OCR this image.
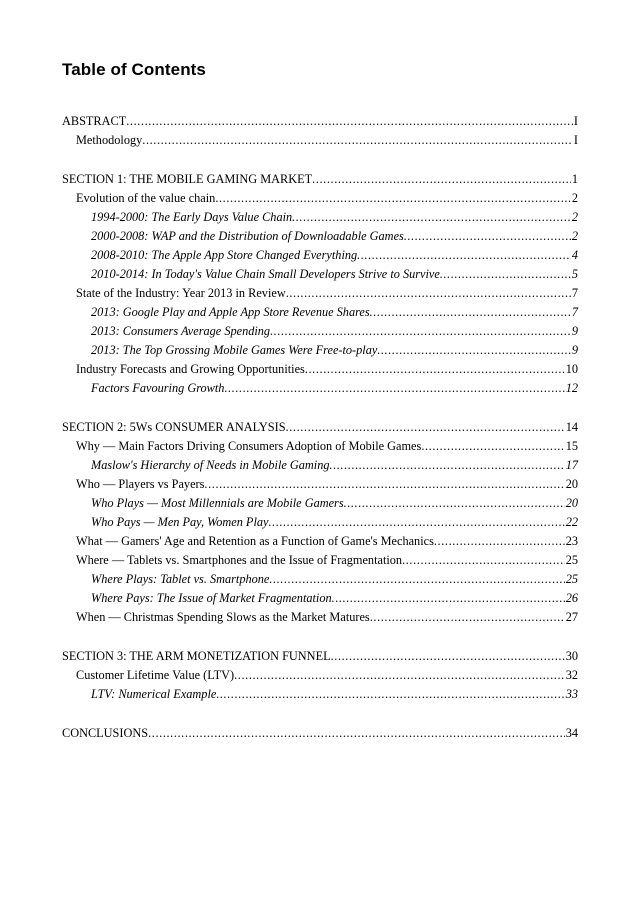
Table of Contents
ABSTRACT .....	I
Methodology .....	I
SECTION 1: THE MOBILE GAMING MARKET .....	1
Evolution of the value chain .....	2
1994-2000: The Early Days Value Chain .....	2
2000-2008: WAP and the Distribution of Downloadable Games .....	2
2008-2010: The Apple App Store Changed Everything .....	4
2010-2014: In Today's Value Chain Small Developers Strive to Survive .....	5
State of the Industry: Year 2013 in Review .....	7
2013: Google Play and Apple App Store Revenue Shares .....	7
2013: Consumers Average Spending .....	9
2013: The Top Grossing Mobile Games Were Free-to-play .....	9
Industry Forecasts and Growing Opportunities .....	10
Factors Favouring Growth .....	12
SECTION 2: 5Ws CONSUMER ANALYSIS .....	14
Why — Main Factors Driving Consumers Adoption of Mobile Games .....	15
Maslow's Hierarchy of Needs in Mobile Gaming .....	17
Who — Players vs Payers .....	20
Who Plays — Most Millennials are Mobile Gamers .....	20
Who Pays — Men Pay, Women Play .....	22
What — Gamers' Age and Retention as a Function of Game's Mechanics .....	23
Where — Tablets vs. Smartphones and the Issue of Fragmentation .....	25
Where Plays: Tablet vs. Smartphone .....	25
Where Pays: The Issue of Market Fragmentation .....	26
When — Christmas Spending Slows as the Market Matures .....	27
SECTION 3: THE ARM MONETIZATION FUNNEL .....	30
Customer Lifetime Value (LTV) .....	32
LTV: Numerical Example .....	33
CONCLUSIONS .....	34
